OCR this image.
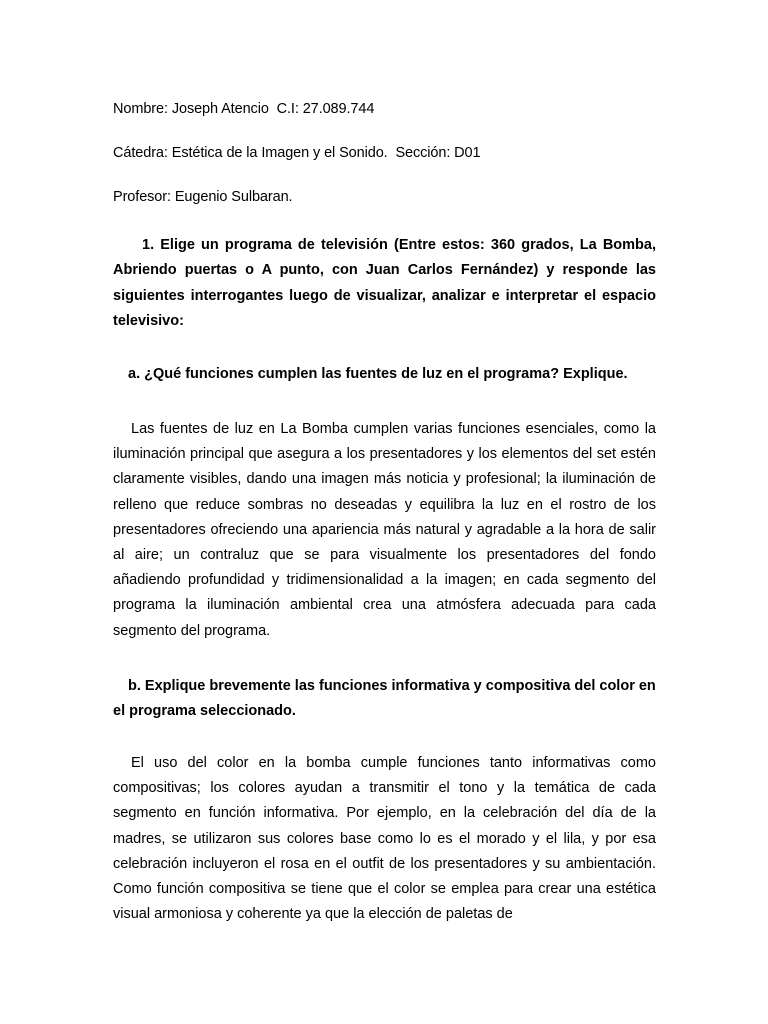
Nombre: Joseph Atencio  C.I: 27.089.744
Cátedra: Estética de la Imagen y el Sonido.  Sección: D01
Profesor: Eugenio Sulbaran.
1. Elige un programa de televisión (Entre estos: 360 grados, La Bomba, Abriendo puertas o A punto, con Juan Carlos Fernández) y responde las siguientes interrogantes luego de visualizar, analizar e interpretar el espacio televisivo:
a. ¿Qué funciones cumplen las fuentes de luz en el programa? Explique.
Las fuentes de luz en La Bomba cumplen varias funciones esenciales, como la iluminación principal que asegura a los presentadores y los elementos del set estén claramente visibles, dando una imagen más noticia y profesional; la iluminación de relleno que reduce sombras no deseadas y equilibra la luz en el rostro de los presentadores ofreciendo una apariencia más natural y agradable a la hora de salir al aire; un contraluz que se para visualmente los presentadores del fondo añadiendo profundidad y tridimensionalidad a la imagen; en cada segmento del programa la iluminación ambiental crea una atmósfera adecuada para cada segmento del programa.
b. Explique brevemente las funciones informativa y compositiva del color en el programa seleccionado.
El uso del color en la bomba cumple funciones tanto informativas como compositivas; los colores ayudan a transmitir el tono y la temática de cada segmento en función informativa. Por ejemplo, en la celebración del día de la madres, se utilizaron sus colores base como lo es el morado y el lila, y por esa celebración incluyeron el rosa en el outfit de los presentadores y su ambientación. Como función compositiva se tiene que el color se emplea para crear una estética visual armoniosa y coherente ya que la elección de paletas de
